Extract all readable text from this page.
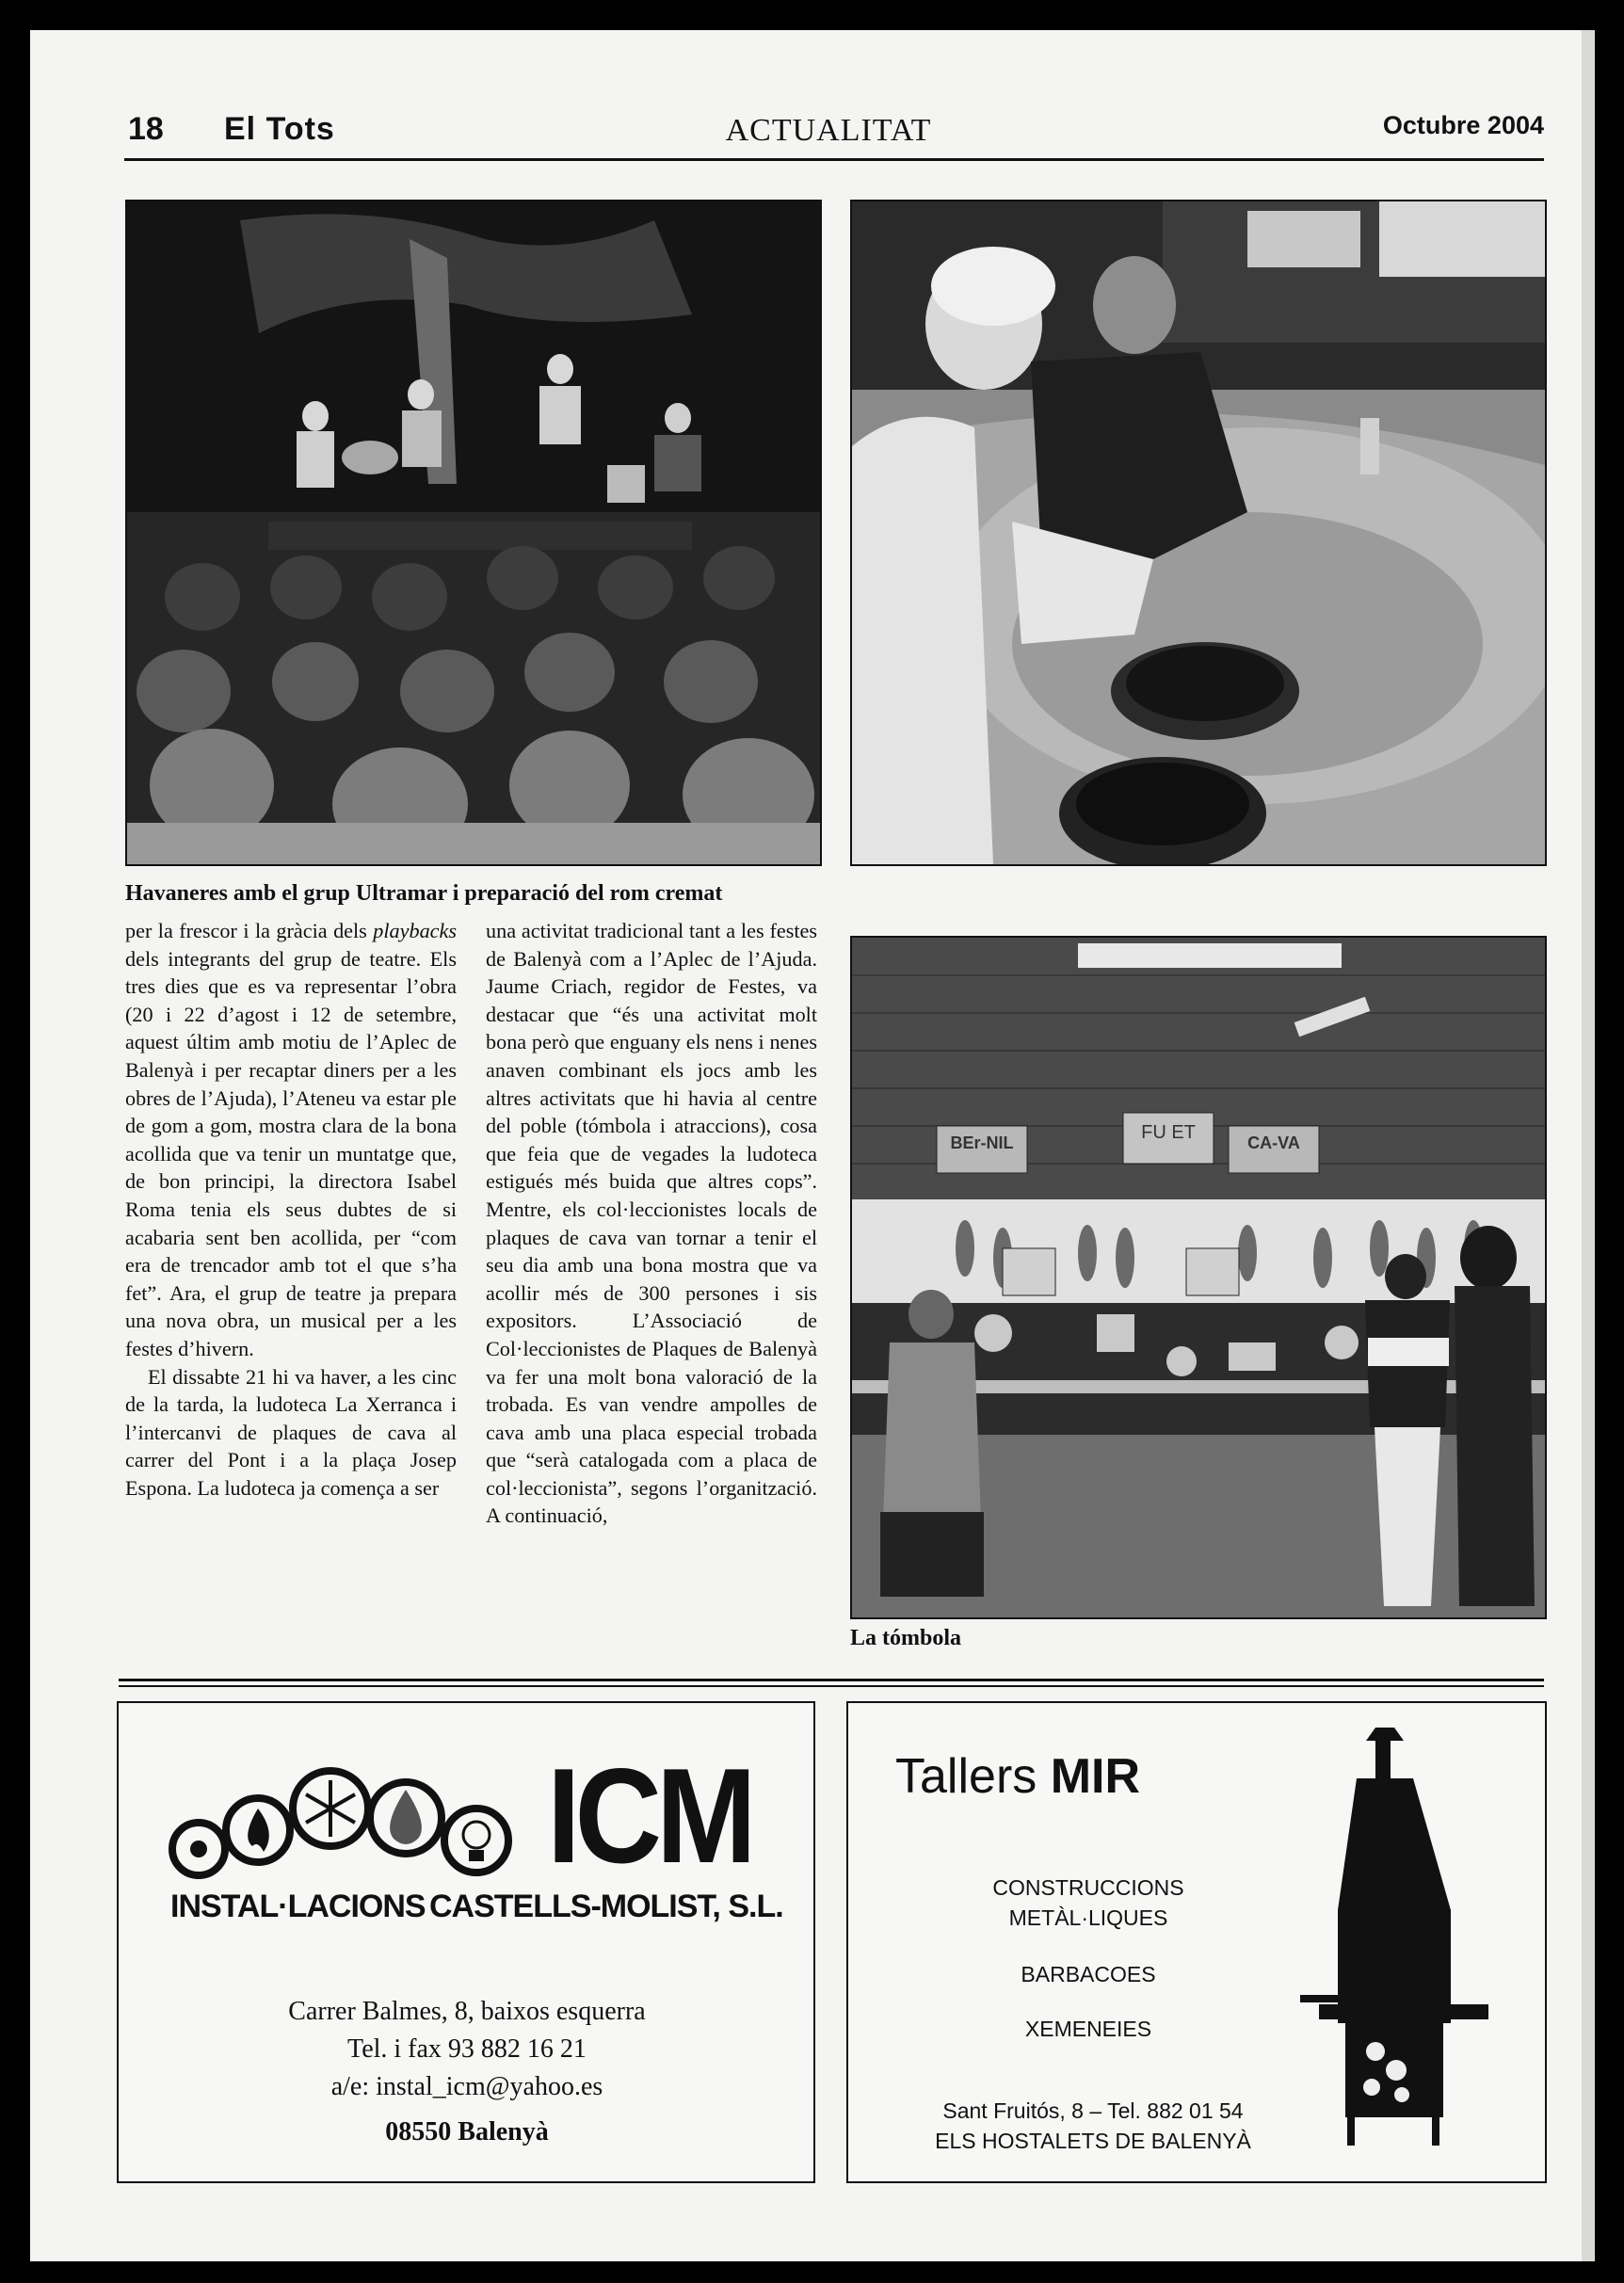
18 El Tots	ACTUALITAT	Octubre 2004
Havaneres amb el grup Ultramar i preparació del rom cremat

per la frescor i la gràcia dels playbacks dels integrants del grup de teatre. Els tres dies que es va representar l’obra (20 i 22 d’agost i 12 de setembre, aquest últim amb motiu de l’Aplec de Balenyà i per recaptar diners per a les obres de l’Ajuda), l’Ateneu va estar ple de gom a gom, mostra clara de la bona acollida que va tenir un muntatge que, de bon principi, la directora Isabel Roma tenia els seus dubtes de si acabaria sent ben acollida, per “com era de trencador amb tot el que s’ha fet”. Ara, el grup de teatre ja prepara una nova obra, un musical per a les festes d’hivern.

El dissabte 21 hi va haver, a les cinc de la tarda, la ludoteca La Xerranca i l’intercanvi de plaques de cava al carrer del Pont i a la plaça Josep Espona. La ludoteca ja comença a ser

una activitat tradicional tant a les festes de Balenyà com a l’Aplec de l’Ajuda. Jaume Criach, regidor de Festes, va destacar que “és una activitat molt bona però que enguany els nens i nenes anaven combinant els jocs amb les altres activitats que hi havia al centre del poble (tómbola i atraccions), cosa que feia que de vegades la ludoteca estigués més buida que altres cops”. Mentre, els col·leccionistes locals de plaques de cava van tornar a tenir el seu dia amb una bona mostra que va acollir més de 300 persones i sis expositors. L’Associació de Col·leccionistes de Plaques de Balenyà va fer una molt bona valoració de la trobada. Es van vendre ampolles de cava amb una placa especial trobada que “serà catalogada com a placa de col·leccionista”, segons l’organització. A continuació,

BEr-NIL	FU ET	CA-VA
La tómbola
ICM
INSTAL·LACIONS CASTELLS-MOLIST, S.L.
Carrer Balmes, 8, baixos esquerra
Tel. i fax 93 882 16 21
a/e: instal_icm@yahoo.es
08550 Balenyà
Tallers MIR
CONSTRUCCIONS
METÀL·LIQUES
BARBACOES
XEMENEIES
Sant Fruitós, 8 – Tel. 882 01 54
ELS HOSTALETS DE BALENYÀ
